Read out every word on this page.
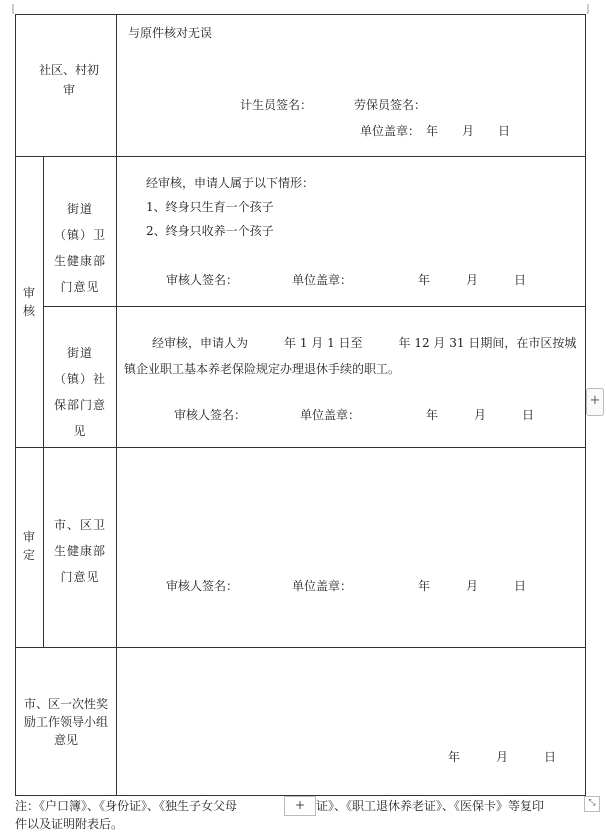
社区、村初审
与原件核对无误
计生员签名：　　　　劳保员签名：
单位盖章：　年　　月　　日
审核
街道（镇）卫生健康部门意见
经审核，申请人属于以下情形：
1、终身只生育一个孩子
2、终身只收养一个孩子
审核人签名：　　　　　单位盖章：　　　　　　年　　　月　　　日
街道（镇）社保部门意见
经审核，申请人为　　　年 1 月 1 日至　　　年 12 月 31 日期间，在市区按城镇企业职工基本养老保险规定办理退休手续的职工。
审核人签名：　　　　　单位盖章：　　　　　　年　　　月　　　日
审定
市、区卫生健康部门意见
审核人签名：　　　　　单位盖章：　　　　　　年　　　月　　　日
市、区一次性奖励工作领导小组意见
年　　　月　　　日
注：《户口簿》、《身份证》、《独生子女父母	证》、《职工退休养老证》、《医保卡》等复印
件以及证明附表后。
+
+	⤡
